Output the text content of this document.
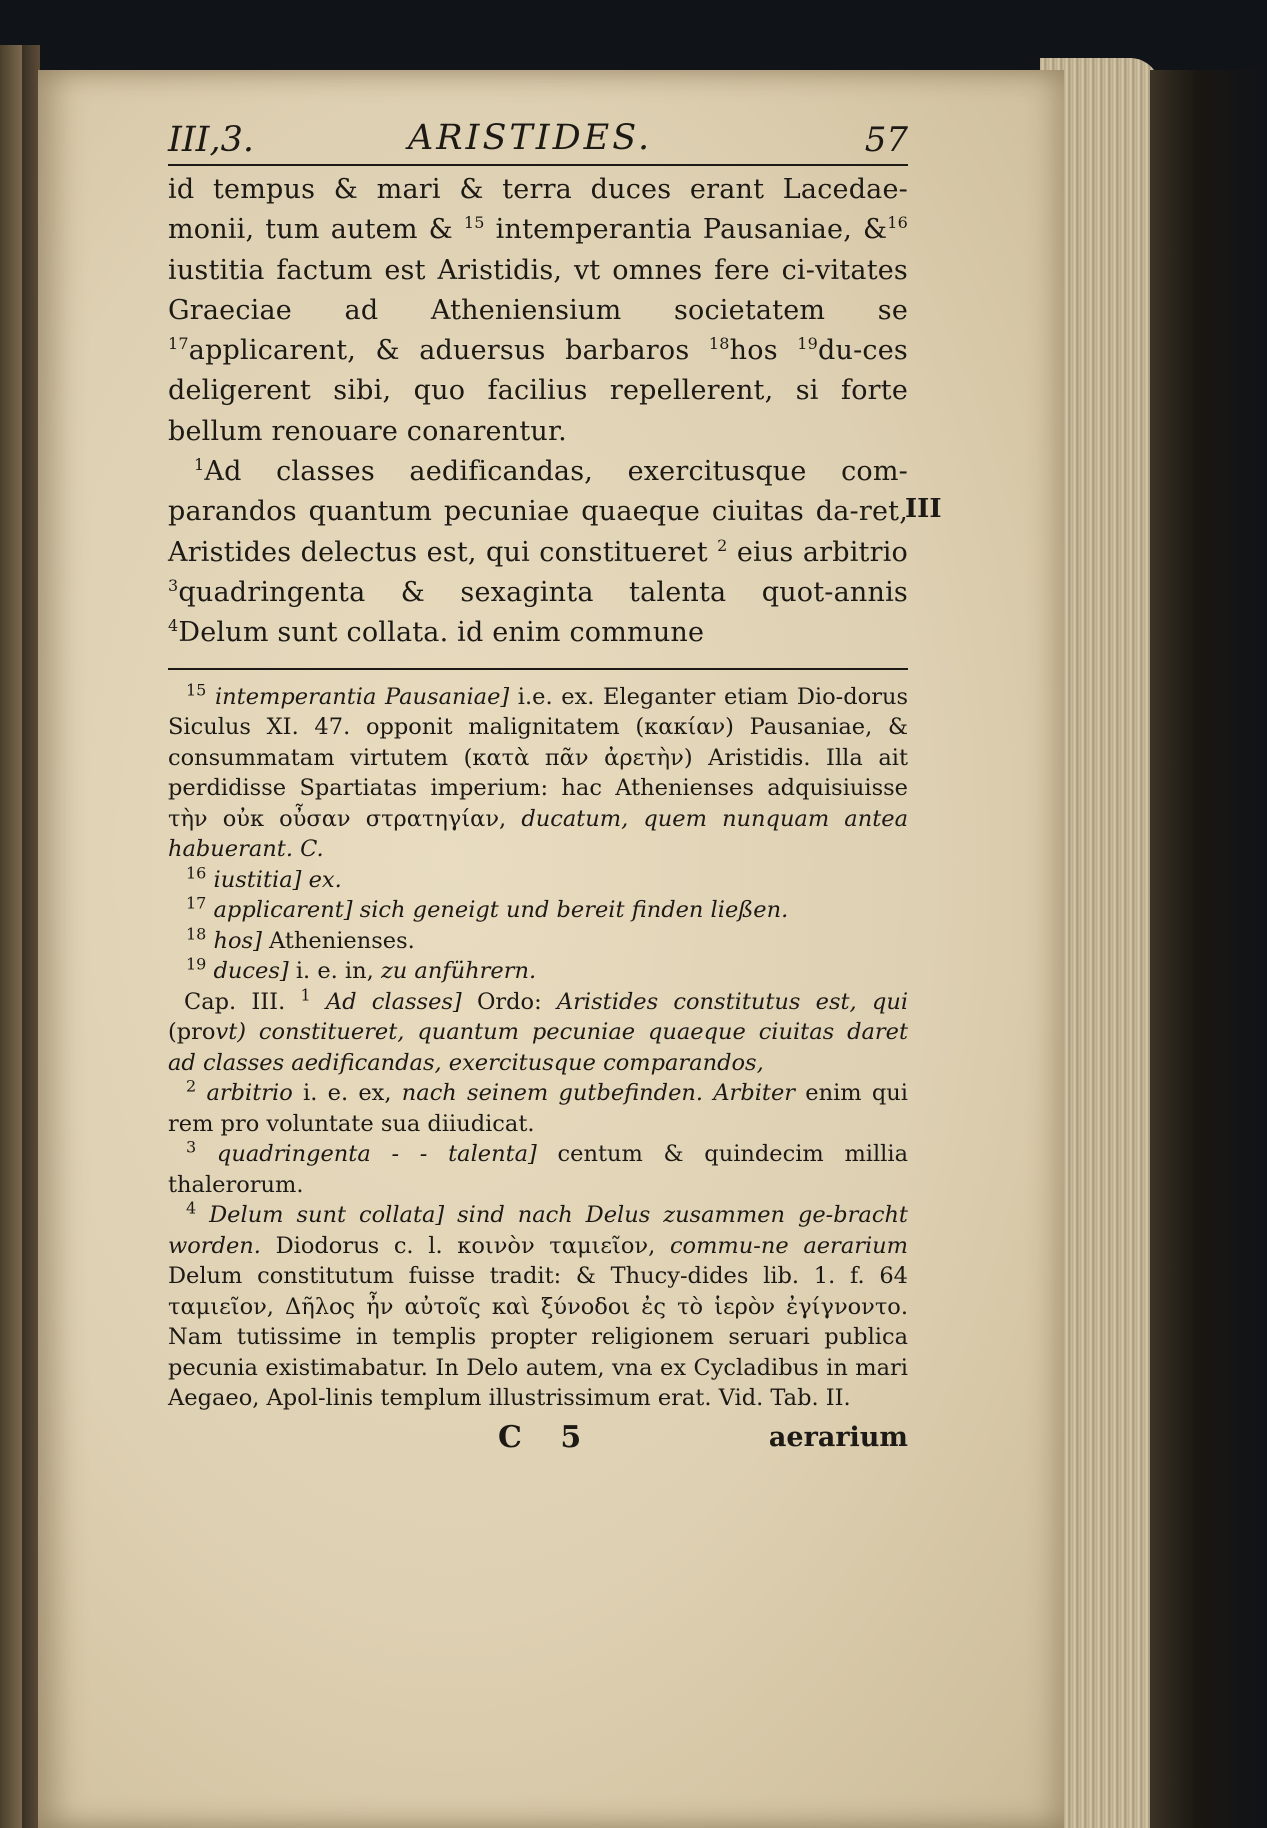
III,3.	ARISTIDES.	57

id tempus & mari & terra duces erant Lacedae-monii, tum autem & $^{15}$ intemperantia Pausaniae, &$^{16}$ iustitia factum est Aristidis, vt omnes fere ci-vitates Graeciae ad Atheniensium societatem se $^{17}$applicarent, & aduersus barbaros $^{18}$hos $^{19}$du-ces deligerent sibi, quo facilius repellerent, si forte bellum renouare conarentur.

$^1$Ad classes aedificandas, exercitusque com-parandos quantum pecuniae quaeque ciuitas da-ret, Aristides delectus est, qui constitueret $^2$ eius arbitrio $^3$quadringenta & sexaginta talenta quot-annis $^4$Delum sunt collata. id enim commune

$^{15}$ intemperantia Pausaniae] i.e. ex. Eleganter etiam Dio-dorus Siculus XI. 47. opponit malignitatem (κακίαν) Pausaniae, & consummatam virtutem (κατὰ πᾶν ἀρετὴν) Aristidis. Illa ait perdidisse Spartiatas imperium: hac Athenienses adquisiuisse τὴν οὐκ οὖσαν στρατηγίαν, ducatum, quem nunquam antea habuerant. C.

$^{16}$ iustitia] ex.

$^{17}$ applicarent] sich geneigt und bereit finden ließen.

$^{18}$ hos] Athenienses.

$^{19}$ duces] i. e. in, zu anführern.

Cap. III. $^1$ Ad classes] Ordo: Aristides constitutus est, qui (provt) constitueret, quantum pecuniae quaeque ciuitas daret ad classes aedificandas, exercitusque comparandos,

$^2$ arbitrio i. e. ex, nach seinem gutbefinden. Arbiter enim qui rem pro voluntate sua diiudicat.

$^3$ quadringenta - - talenta] centum & quindecim millia thalerorum.

$^4$ Delum sunt collata] sind nach Delus zusammen ge-bracht worden. Diodorus c. l. κοινὸν ταμιεῖον, commu-ne aerarium Delum constitutum fuisse tradit: & Thucy-dides lib. 1. f. 64 ταμιεῖον, Δῆλος ἦν αὐτοῖς καὶ ξύνοδοι ἐς τὸ ἱερὸν ἐγίγνοντο. Nam tutissime in templis propter religionem seruari publica pecunia existimabatur. In Delo autem, vna ex Cycladibus in mari Aegaeo, Apol-linis templum illustrissimum erat. Vid. Tab. II.

C 5	aerarium
III
